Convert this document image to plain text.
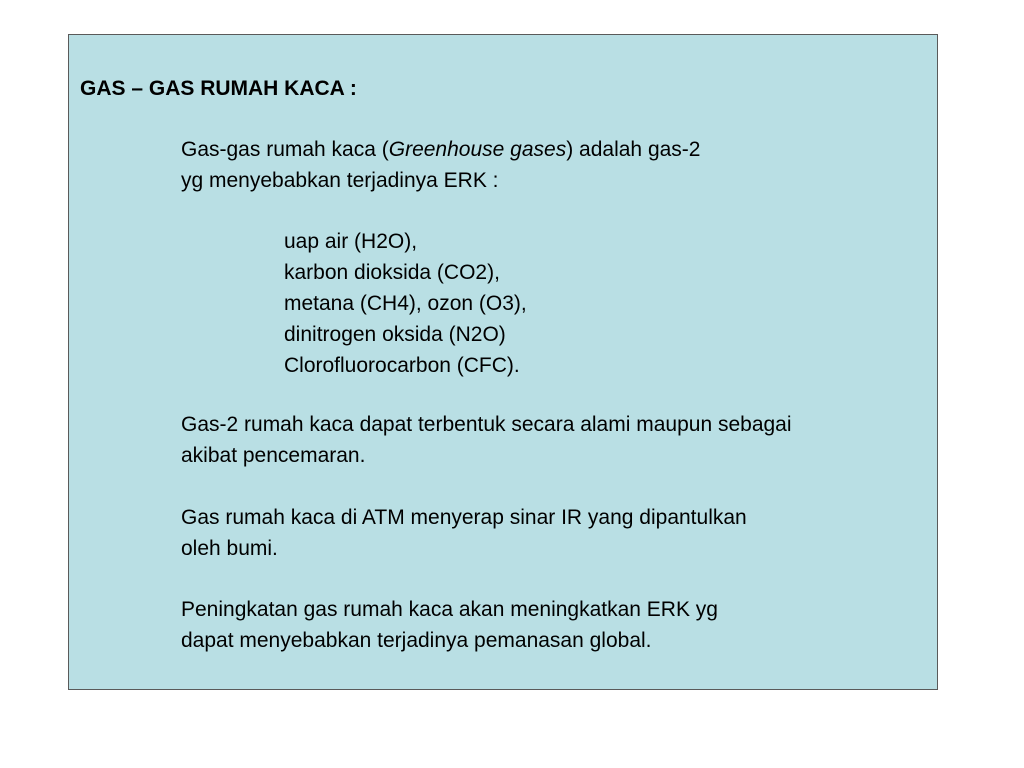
GAS – GAS RUMAH KACA :
Gas-gas rumah kaca (Greenhouse gases) adalah gas-2
yg menyebabkan terjadinya ERK :
uap air (H2O),
karbon dioksida (CO2),
metana (CH4), ozon (O3),
dinitrogen oksida (N2O)
Clorofluorocarbon (CFC).
Gas-2 rumah kaca dapat terbentuk secara alami maupun sebagai
akibat pencemaran.
Gas rumah kaca di ATM menyerap sinar IR yang dipantulkan
oleh bumi.
Peningkatan gas rumah kaca akan meningkatkan ERK yg
dapat menyebabkan terjadinya pemanasan global.
